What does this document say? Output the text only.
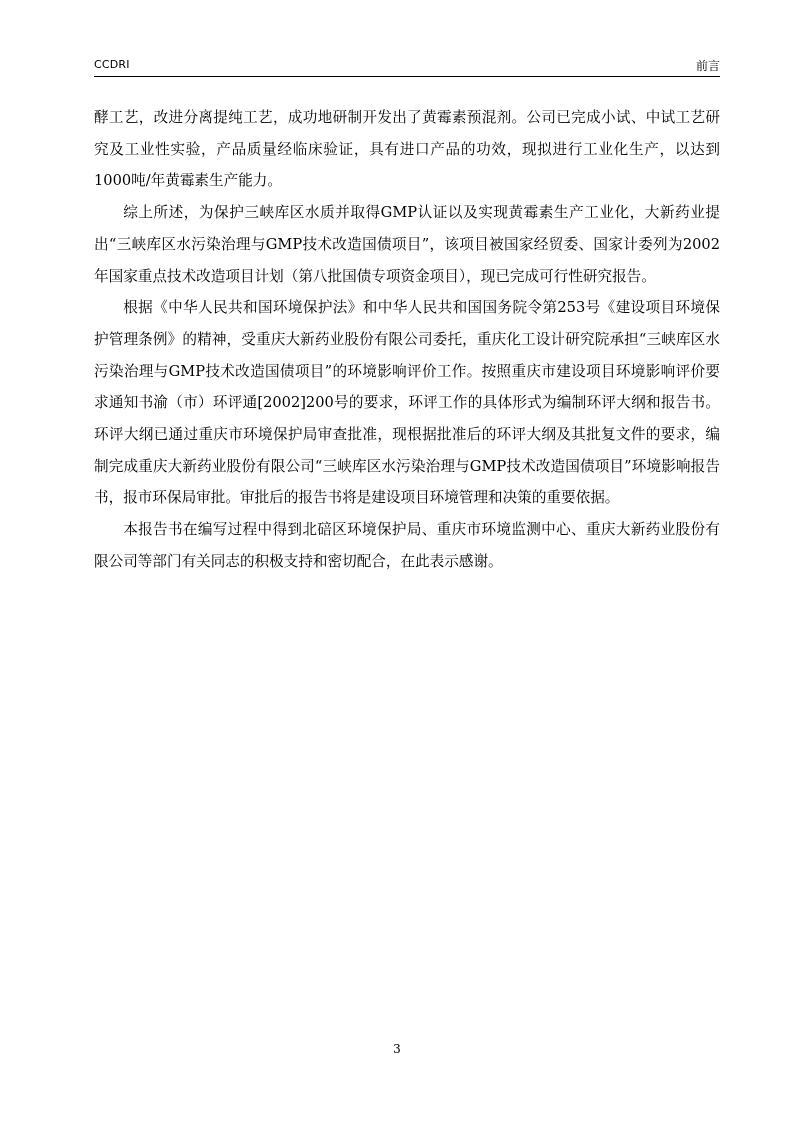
CCDRI	前言

酵工艺，改进分离提纯工艺，成功地研制开发出了黄霉素预混剂。公司已完成小试、中试工艺研究及工业性实验，产品质量经临床验证，具有进口产品的功效，现拟进行工业化生产，以达到1000吨/年黄霉素生产能力。

综上所述，为保护三峡库区水质并取得GMP认证以及实现黄霉素生产工业化，大新药业提出“三峡库区水污染治理与GMP技术改造国债项目”，该项目被国家经贸委、国家计委列为2002年国家重点技术改造项目计划（第八批国债专项资金项目），现已完成可行性研究报告。

根据《中华人民共和国环境保护法》和中华人民共和国国务院令第253号《建设项目环境保护管理条例》的精神，受重庆大新药业股份有限公司委托，重庆化工设计研究院承担“三峡库区水污染治理与GMP技术改造国债项目”的环境影响评价工作。按照重庆市建设项目环境影响评价要求通知书渝（市）环评通[2002]200号的要求，环评工作的具体形式为编制环评大纲和报告书。环评大纲已通过重庆市环境保护局审查批准，现根据批准后的环评大纲及其批复文件的要求，编制完成重庆大新药业股份有限公司“三峡库区水污染治理与GMP技术改造国债项目”环境影响报告书，报市环保局审批。审批后的报告书将是建设项目环境管理和决策的重要依据。

本报告书在编写过程中得到北碚区环境保护局、重庆市环境监测中心、重庆大新药业股份有限公司等部门有关同志的积极支持和密切配合，在此表示感谢。

3
